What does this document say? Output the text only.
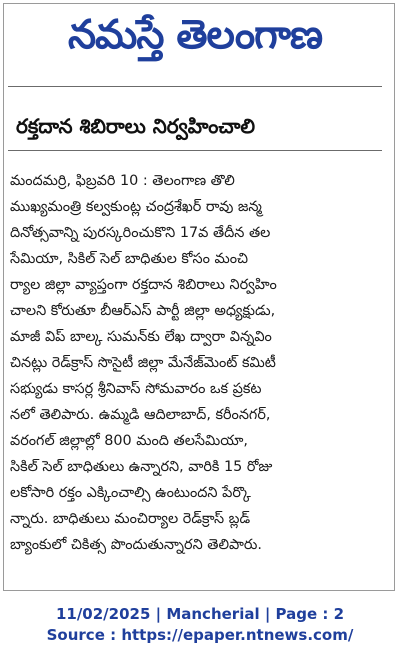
నమస్తే తెలంగాణ
రక్తదాన శిబిరాలు నిర్వహించాలి
మందమర్రి, ఫిబ్రవరి 10 : తెలంగాణ తొలి
ముఖ్యమంత్రి కల్వకుంట్ల చంద్రశేఖర్ రావు జన్మ
దినోత్సవాన్ని పురస్కరించుకొని 17వ తేదీన తల
సేమియా, సికిల్ సెల్ బాధితుల కోసం మంచి
ర్యాల జిల్లా వ్యాప్తంగా రక్తదాన శిబిరాలు నిర్వహిం
చాలని కోరుతూ బీఆర్ఎస్ పార్టీ జిల్లా అధ్యక్షుడు,
మాజీ విప్ బాల్క సుమన్‌కు లేఖ ద్వారా విన్నవిం
చినట్లు రెడ్‌క్రాస్ సొసైటీ జిల్లా మేనేజ్‌మెంట్ కమిటీ
సభ్యుడు కాసర్ల శ్రీనివాస్ సోమవారం ఒక ప్రకట
నలో తెలిపారు. ఉమ్మడి ఆదిలాబాద్, కరీంనగర్,
వరంగల్ జిల్లాల్లో 800 మంది తలసేమియా,
సికిల్ సెల్ బాధితులు ఉన్నారని, వారికి 15 రోజు
లకోసారి రక్తం ఎక్కించాల్సి ఉంటుందని పేర్కొ
న్నారు. బాధితులు మంచిర్యాల రెడ్‌క్రాస్ బ్లడ్
బ్యాంకులో చికిత్స పొందుతున్నారని తెలిపారు.
11/02/2025 | Mancherial | Page : 2
Source : https://epaper.ntnews.com/
